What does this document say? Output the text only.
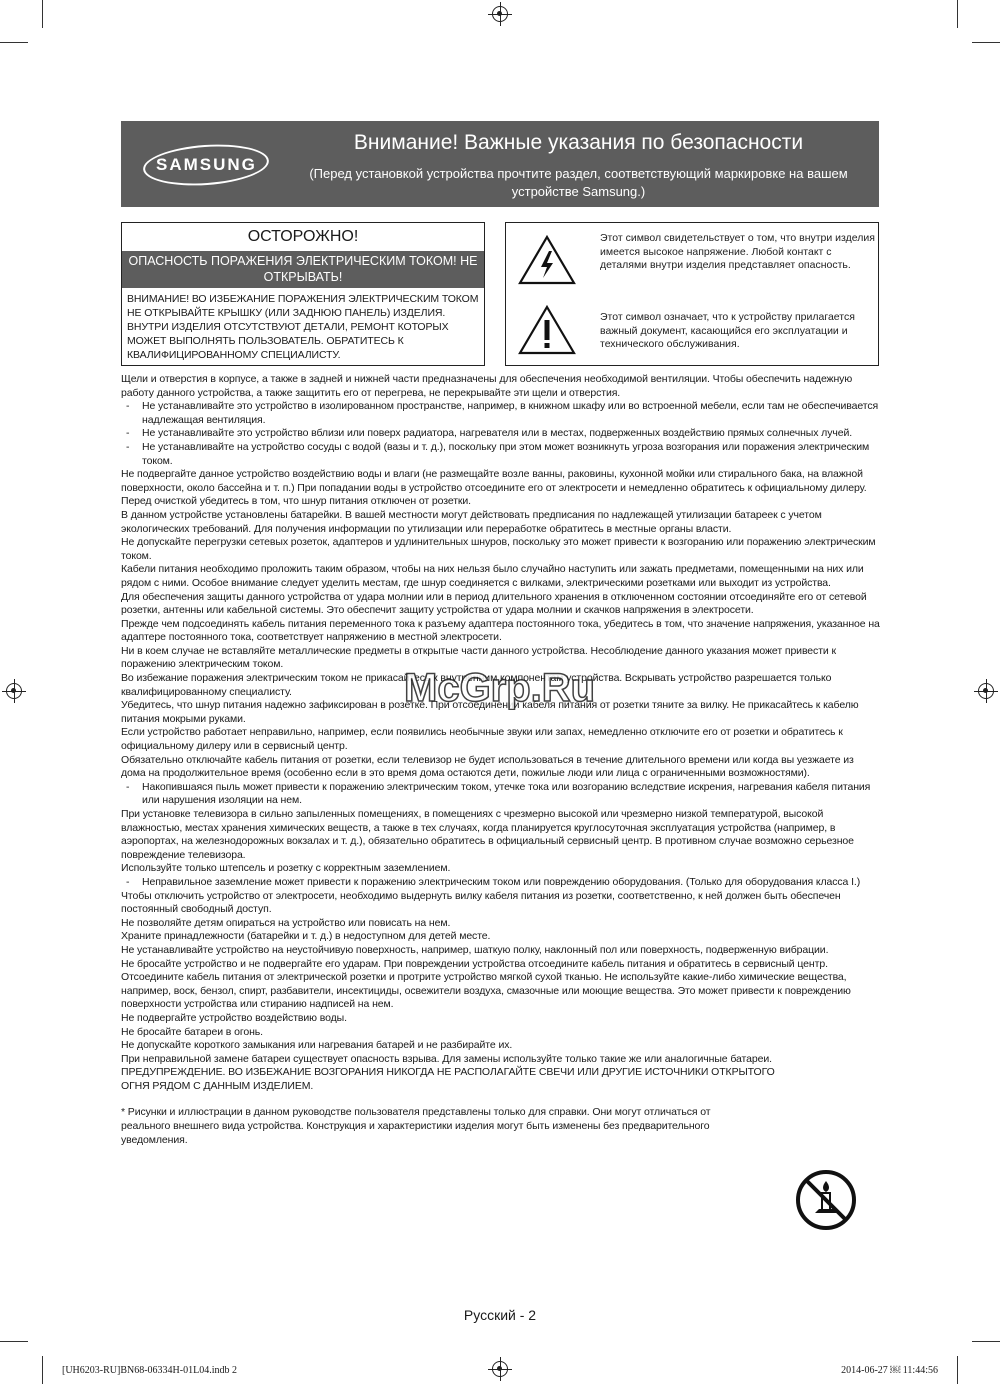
SAMSUNG
Внимание! Важные указания по безопасности
(Перед установкой устройства прочтите раздел, соответствующий маркировке на вашем устройстве Samsung.)
ОСТОРОЖНО!
ОПАСНОСТЬ ПОРАЖЕНИЯ ЭЛЕКТРИЧЕСКИМ ТОКОМ! НЕ ОТКРЫВАТЬ!
ВНИМАНИЕ! ВО ИЗБЕЖАНИЕ ПОРАЖЕНИЯ ЭЛЕКТРИЧЕСКИМ ТОКОМ НЕ ОТКРЫВАЙТЕ КРЫШКУ (ИЛИ ЗАДНЮЮ ПАНЕЛЬ) ИЗДЕЛИЯ. ВНУТРИ ИЗДЕЛИЯ ОТСУТСТВУЮТ ДЕТАЛИ, РЕМОНТ КОТОРЫХ МОЖЕТ ВЫПОЛНЯТЬ ПОЛЬЗОВАТЕЛЬ. ОБРАТИТЕСЬ К КВАЛИФИЦИРОВАННОМУ СПЕЦИАЛИСТУ.
Этот символ свидетельствует о том, что внутри изделия имеется высокое напряжение. Любой контакт с деталями внутри изделия представляет опасность.
Этот символ означает, что к устройству прилагается важный документ, касающийся его эксплуатации и технического обслуживания.

Щели и отверстия в корпусе, а также в задней и нижней части предназначены для обеспечения необходимой вентиляции. Чтобы обеспечить надежную работу данного устройства, а также защитить его от перегрева, не перекрывайте эти щели и отверстия.

- Не устанавливайте это устройство в изолированном пространстве, например, в книжном шкафу или во встроенной мебели, если там не обеспечивается надлежащая вентиляция.

- Не устанавливайте это устройство вблизи или поверх радиатора, нагревателя или в местах, подверженных воздействию прямых солнечных лучей.

- Не устанавливайте на устройство сосуды с водой (вазы и т. д.), поскольку при этом может возникнуть угроза возгорания или поражения электрическим током.

Не подвергайте данное устройство воздействию воды и влаги (не размещайте возле ванны, раковины, кухонной мойки или стирального бака, на влажной поверхности, около бассейна и т. п.) При попадании воды в устройство отсоедините его от электросети и немедленно обратитесь к официальному дилеру. Перед очисткой убедитесь в том, что шнур питания отключен от розетки.

В данном устройстве установлены батарейки. В вашей местности могут действовать предписания по надлежащей утилизации батареек с учетом экологических требований. Для получения информации по утилизации или переработке обратитесь в местные органы власти.

Не допускайте перегрузки сетевых розеток, адаптеров и удлинительных шнуров, поскольку это может привести к возгоранию или поражению электрическим током.

Кабели питания необходимо проложить таким образом, чтобы на них нельзя было случайно наступить или зажать предметами, помещенными на них или рядом с ними. Особое внимание следует уделить местам, где шнур соединяется с вилками, электрическими розетками или выходит из устройства.

Для обеспечения защиты данного устройства от удара молнии или в период длительного хранения в отключенном состоянии отсоединяйте его от сетевой розетки, антенны или кабельной системы. Это обеспечит защиту устройства от удара молнии и скачков напряжения в электросети.

Прежде чем подсоединять кабель питания переменного тока к разъему адаптера постоянного тока, убедитесь в том, что значение напряжения, указанное на адаптере постоянного тока, соответствует напряжению в местной электросети.

Ни в коем случае не вставляйте металлические предметы в открытые части данного устройства. Несоблюдение данного указания может привести к поражению электрическим током.

Во избежание поражения электрическим током не прикасайтесь к внутренним компонентам устройства. Вскрывать устройство разрешается только квалифицированному специалисту.

Убедитесь, что шнур питания надежно зафиксирован в розетке. При отсоединении кабеля питания от розетки тяните за вилку. Не прикасайтесь к кабелю питания мокрыми руками.

Если устройство работает неправильно, например, если появились необычные звуки или запах, немедленно отключите его от розетки и обратитесь к официальному дилеру или в сервисный центр.

Обязательно отключайте кабель питания от розетки, если телевизор не будет использоваться в течение длительного времени или когда вы уезжаете из дома на продолжительное время (особенно если в это время дома остаются дети, пожилые люди или лица с ограниченными возможностями).

- Накопившаяся пыль может привести к поражению электрическим током, утечке тока или возгоранию вследствие искрения, нагревания кабеля питания или нарушения изоляции на нем.

При установке телевизора в сильно запыленных помещениях, в помещениях с чрезмерно высокой или чрезмерно низкой температурой, высокой влажностью, местах хранения химических веществ, а также в тех случаях, когда планируется круглосуточная эксплуатация устройства (например, в аэропортах, на железнодорожных вокзалах и т. д.), обязательно обратитесь в официальный сервисный центр. В противном случае возможно серьезное повреждение телевизора.

Используйте только штепсель и розетку с корректным заземлением.

- Неправильное заземление может привести к поражению электрическим током или повреждению оборудования. (Только для оборудования класса I.)

Чтобы отключить устройство от электросети, необходимо выдернуть вилку кабеля питания из розетки, соответственно, к ней должен быть обеспечен постоянный свободный доступ.

Не позволяйте детям опираться на устройство или повисать на нем.

Храните принадлежности (батарейки и т. д.) в недоступном для детей месте.

Не устанавливайте устройство на неустойчивую поверхность, например, шаткую полку, наклонный пол или поверхность, подверженную вибрации.

Не бросайте устройство и не подвергайте его ударам. При повреждении устройства отсоедините кабель питания и обратитесь в сервисный центр.

Отсоедините кабель питания от электрической розетки и протрите устройство мягкой сухой тканью. Не используйте какие-либо химические вещества, например, воск, бензол, спирт, разбавители, инсектициды, освежители воздуха, смазочные или моющие вещества. Это может привести к повреждению поверхности устройства или стиранию надписей на нем.

Не подвергайте устройство воздействию воды.

Не бросайте батареи в огонь.

Не допускайте короткого замыкания или нагревания батарей и не разбирайте их.

При неправильной замене батареи существует опасность взрыва. Для замены используйте только такие же или аналогичные батареи.

ПРЕДУПРЕЖДЕНИЕ. ВО ИЗБЕЖАНИЕ ВОЗГОРАНИЯ НИКОГДА НЕ РАСПОЛАГАЙТЕ СВЕЧИ ИЛИ ДРУГИЕ ИСТОЧНИКИ ОТКРЫТОГО ОГНЯ РЯДОМ С ДАННЫМ ИЗДЕЛИЕМ.

* Рисунки и иллюстрации в данном руководстве пользователя представлены только для справки. Они могут отличаться от реального внешнего вида устройства. Конструкция и характеристики изделия могут быть изменены без предварительного уведомления.

McGrp.Ru
Русский - 2
[UH6203-RU]BN68-06334H-01L04.indb 2	2014-06-27 ￼ 11:44:56
